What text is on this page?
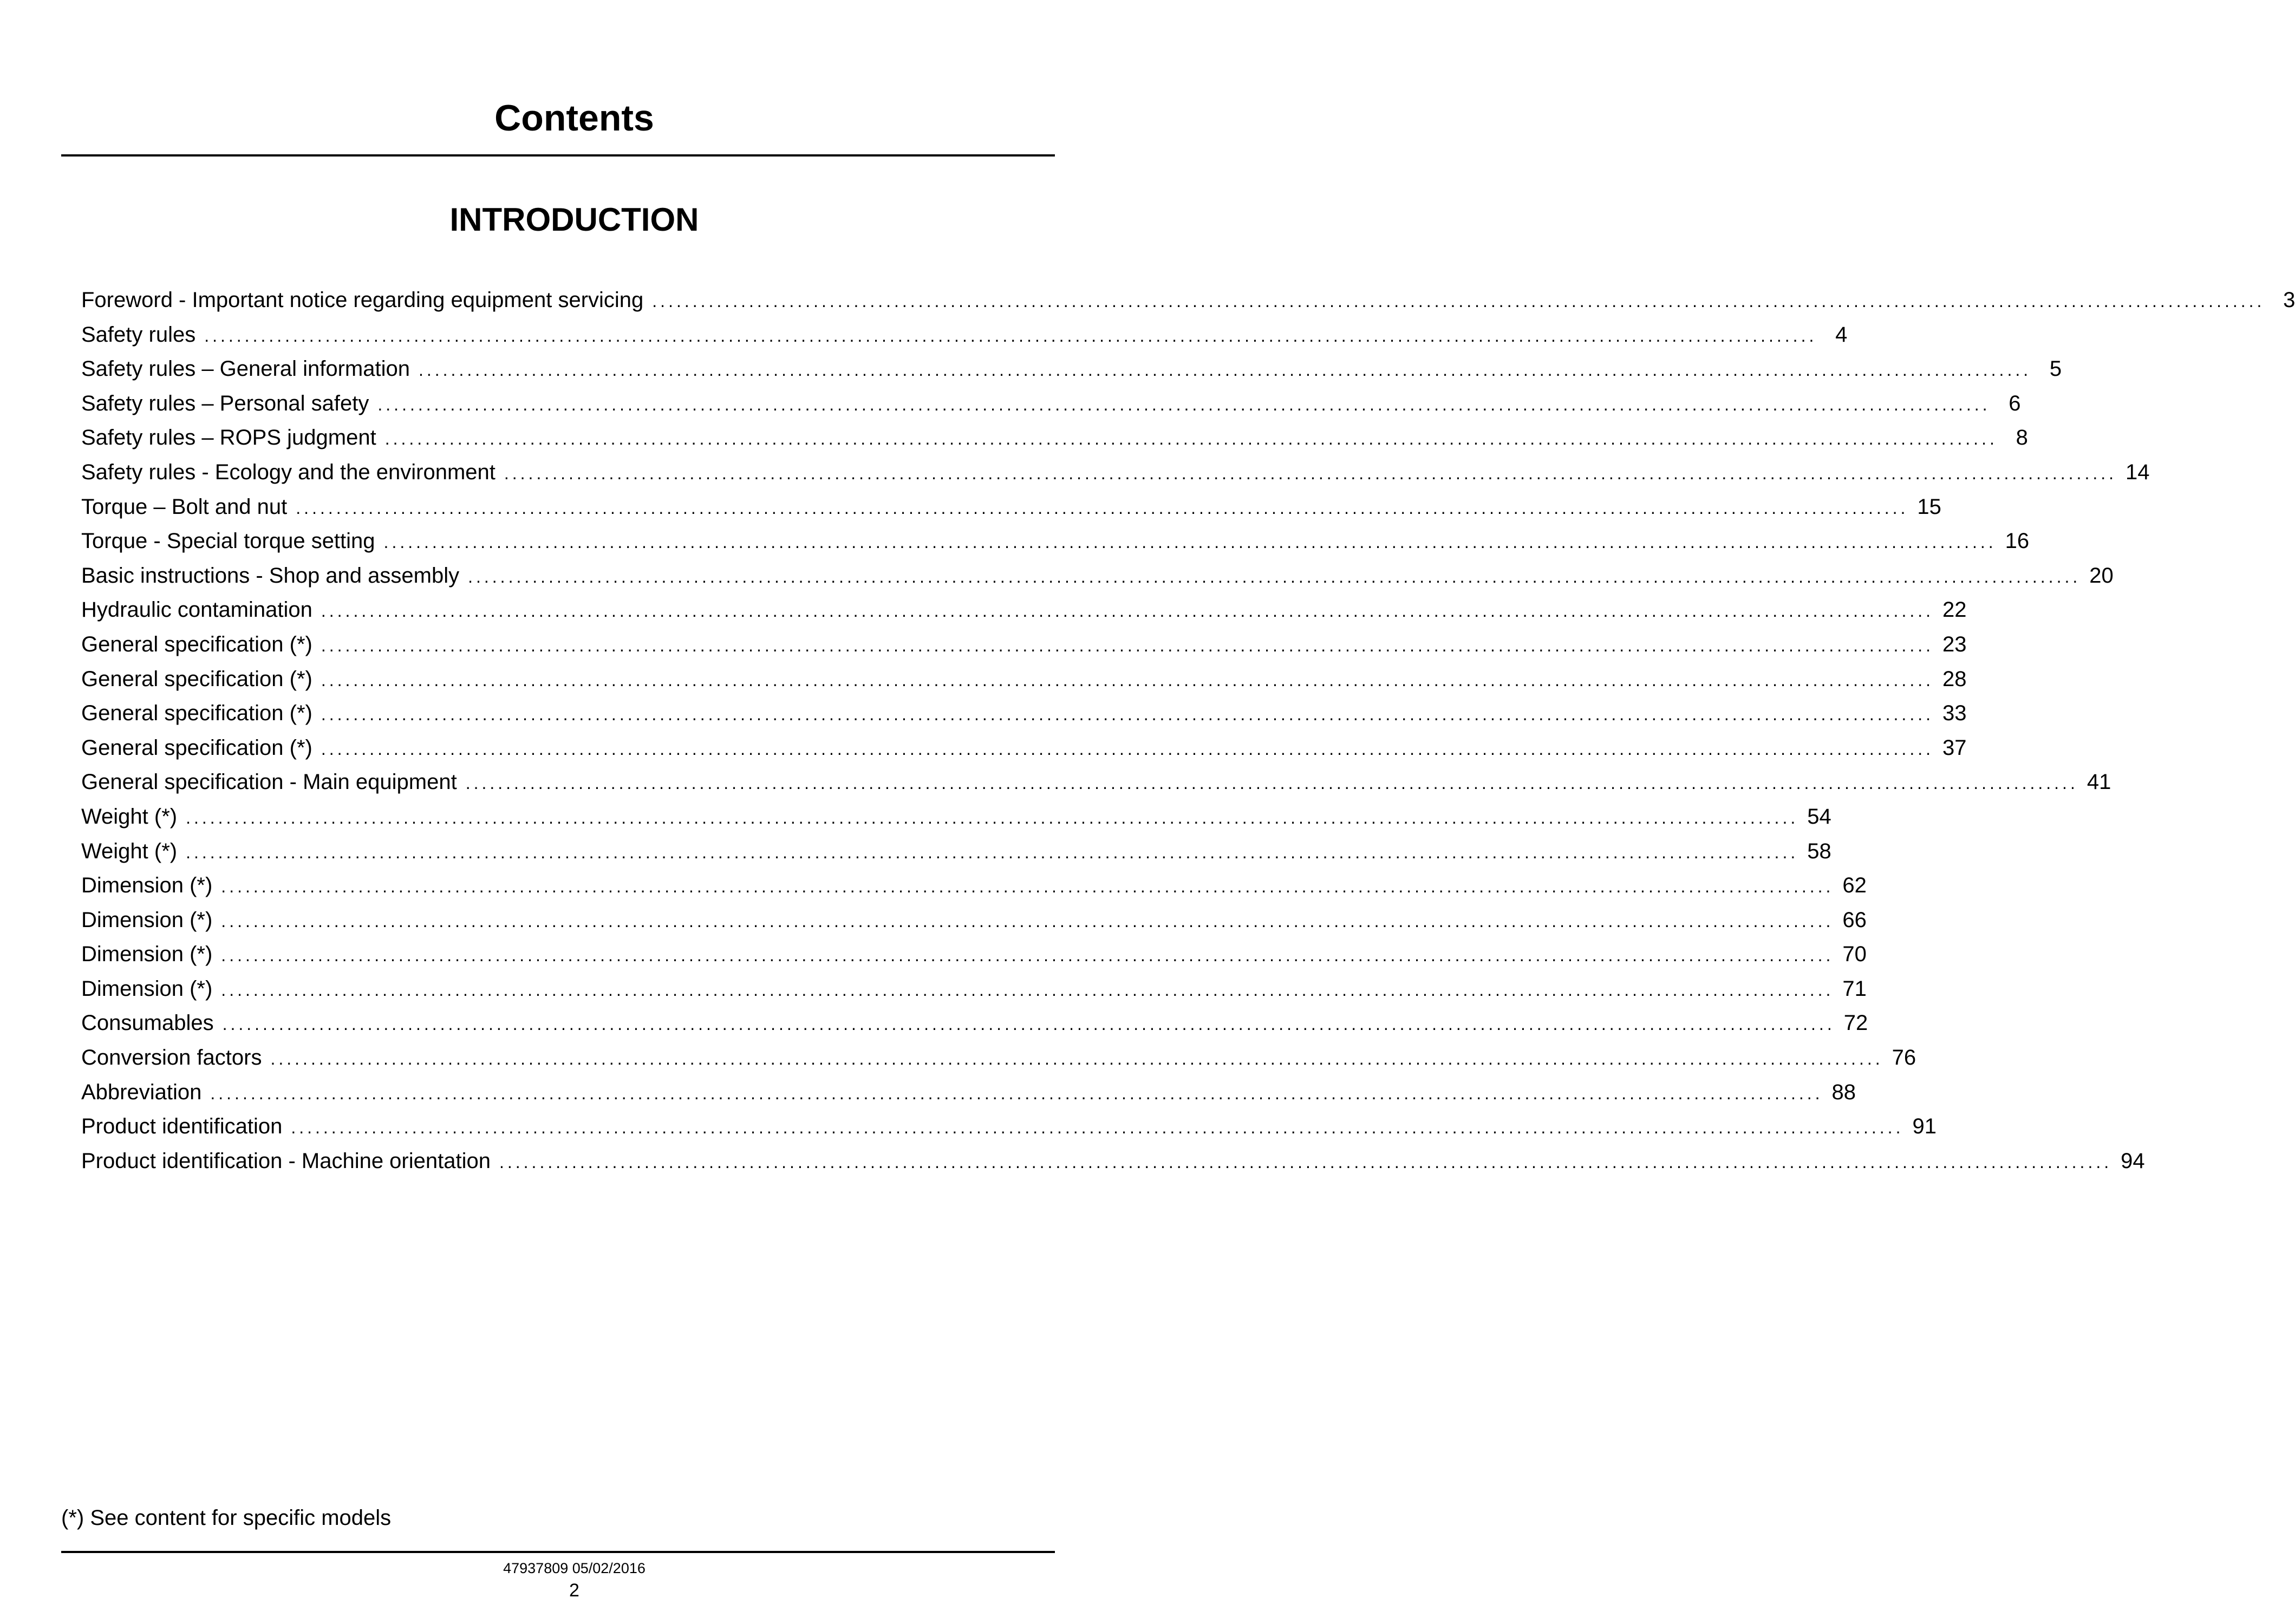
Contents
INTRODUCTION
Foreword - Important notice regarding equipment servicing ........................................................................................................................................................................................................ 3
Safety rules ........................................................................................................................................................................................................ 4
Safety rules – General information ........................................................................................................................................................................................................ 5
Safety rules – Personal safety ........................................................................................................................................................................................................ 6
Safety rules – ROPS judgment ........................................................................................................................................................................................................ 8
Safety rules - Ecology and the environment ........................................................................................................................................................................................................ 14
Torque – Bolt and nut ........................................................................................................................................................................................................ 15
Torque - Special torque setting ........................................................................................................................................................................................................ 16
Basic instructions - Shop and assembly ........................................................................................................................................................................................................ 20
Hydraulic contamination ........................................................................................................................................................................................................ 22
General specification (*) ........................................................................................................................................................................................................ 23
General specification (*) ........................................................................................................................................................................................................ 28
General specification (*) ........................................................................................................................................................................................................ 33
General specification (*) ........................................................................................................................................................................................................ 37
General specification - Main equipment ........................................................................................................................................................................................................ 41
Weight (*) ........................................................................................................................................................................................................ 54
Weight (*) ........................................................................................................................................................................................................ 58
Dimension (*) ........................................................................................................................................................................................................ 62
Dimension (*) ........................................................................................................................................................................................................ 66
Dimension (*) ........................................................................................................................................................................................................ 70
Dimension (*) ........................................................................................................................................................................................................ 71
Consumables ........................................................................................................................................................................................................ 72
Conversion factors ........................................................................................................................................................................................................ 76
Abbreviation ........................................................................................................................................................................................................ 88
Product identification ........................................................................................................................................................................................................ 91
Product identification - Machine orientation ........................................................................................................................................................................................................ 94
(*) See content for specific models
47937809 05/02/2016
2
